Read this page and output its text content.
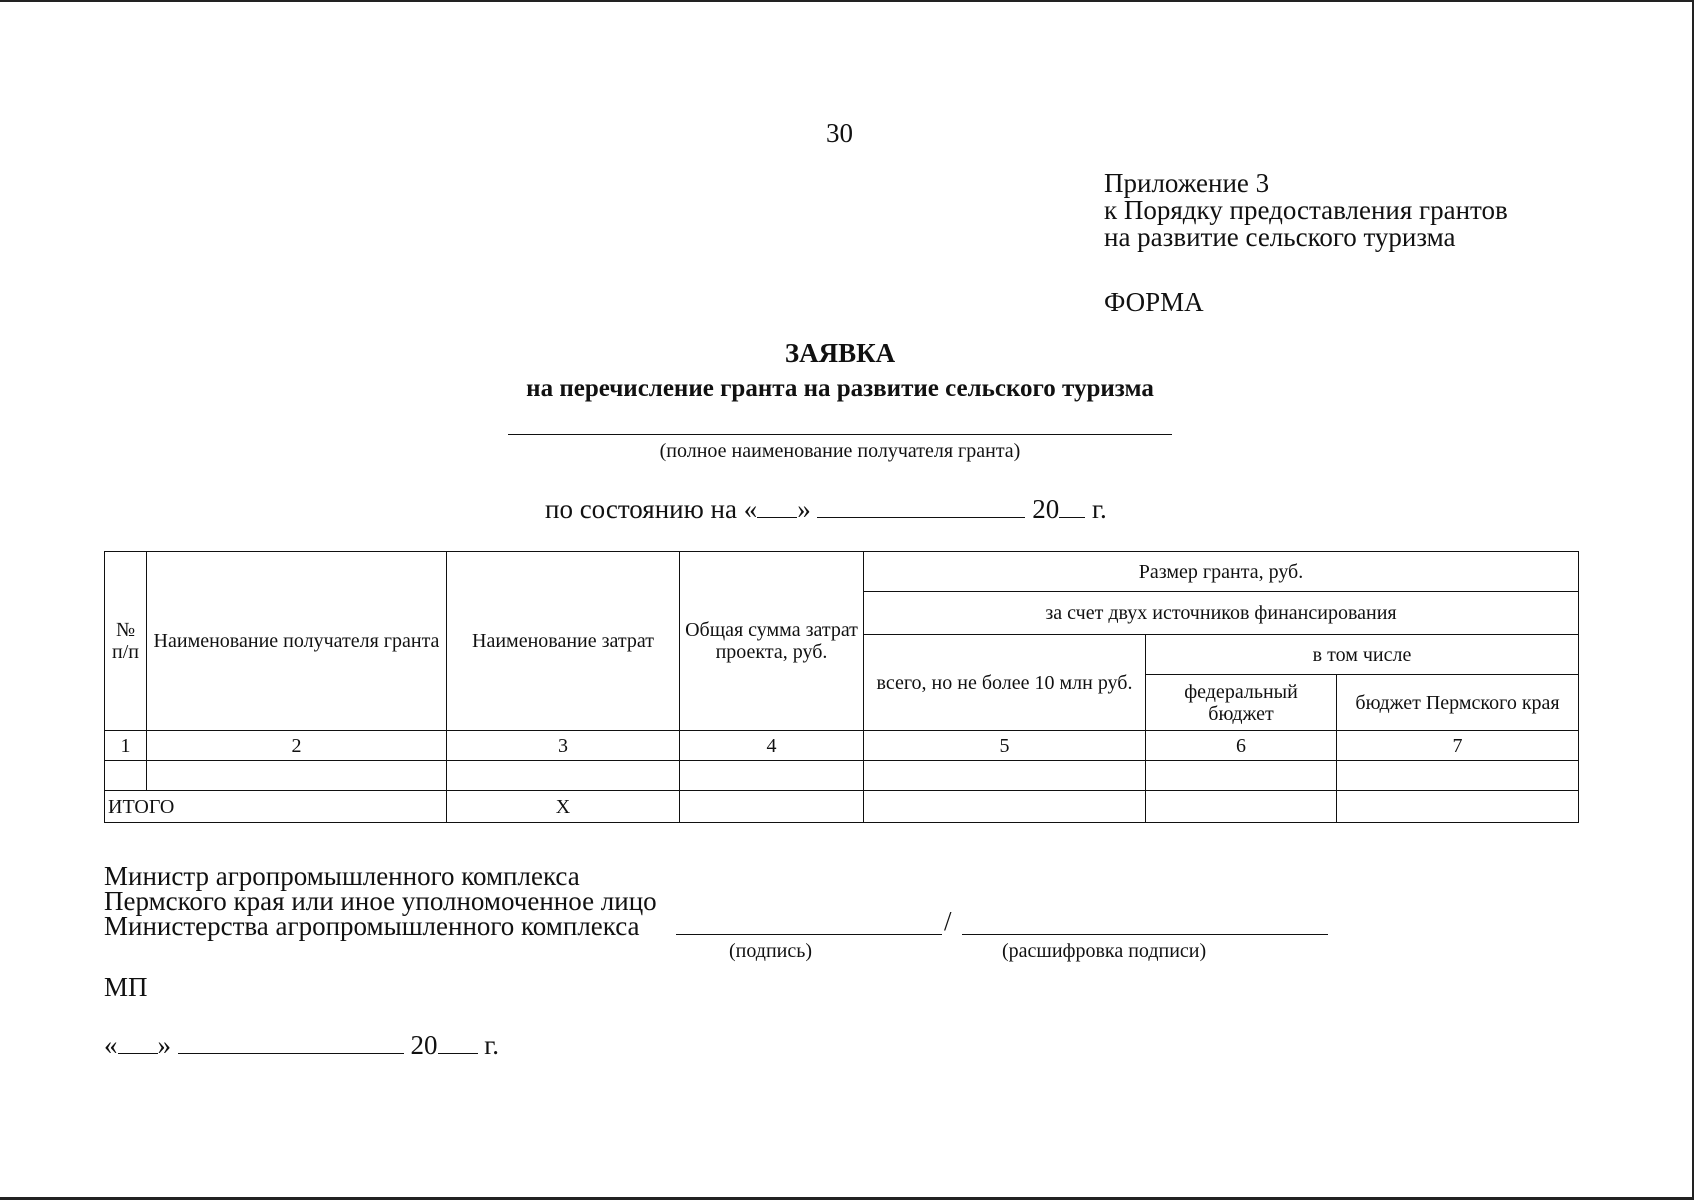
30
Приложение 3
к Порядку предоставления грантов
на развитие сельского туризма
ФОРМА
ЗАЯВКА
на перечисление гранта на развитие сельского туризма
(полное наименование получателя гранта)
по состоянию на « »	20 г.
№ п/п	Наименование получателя гранта	Наименование затрат	Общая сумма затрат проекта, руб.	Размер гранта, руб.		
				за счет двух источников финансирования		
				всего, но не более 10 млн руб.	в том числе	
					федеральный бюджет	бюджет Пермского края
1	2	3	4	5	6	7

ИТОГО		Х				
Министр агропромышленного комплекса
Пермского края или иное уполномоченное лицо
Министерства агропромышленного комплекса	/
(подпись)	(расшифровка подписи)
МП
« »	20 г.
